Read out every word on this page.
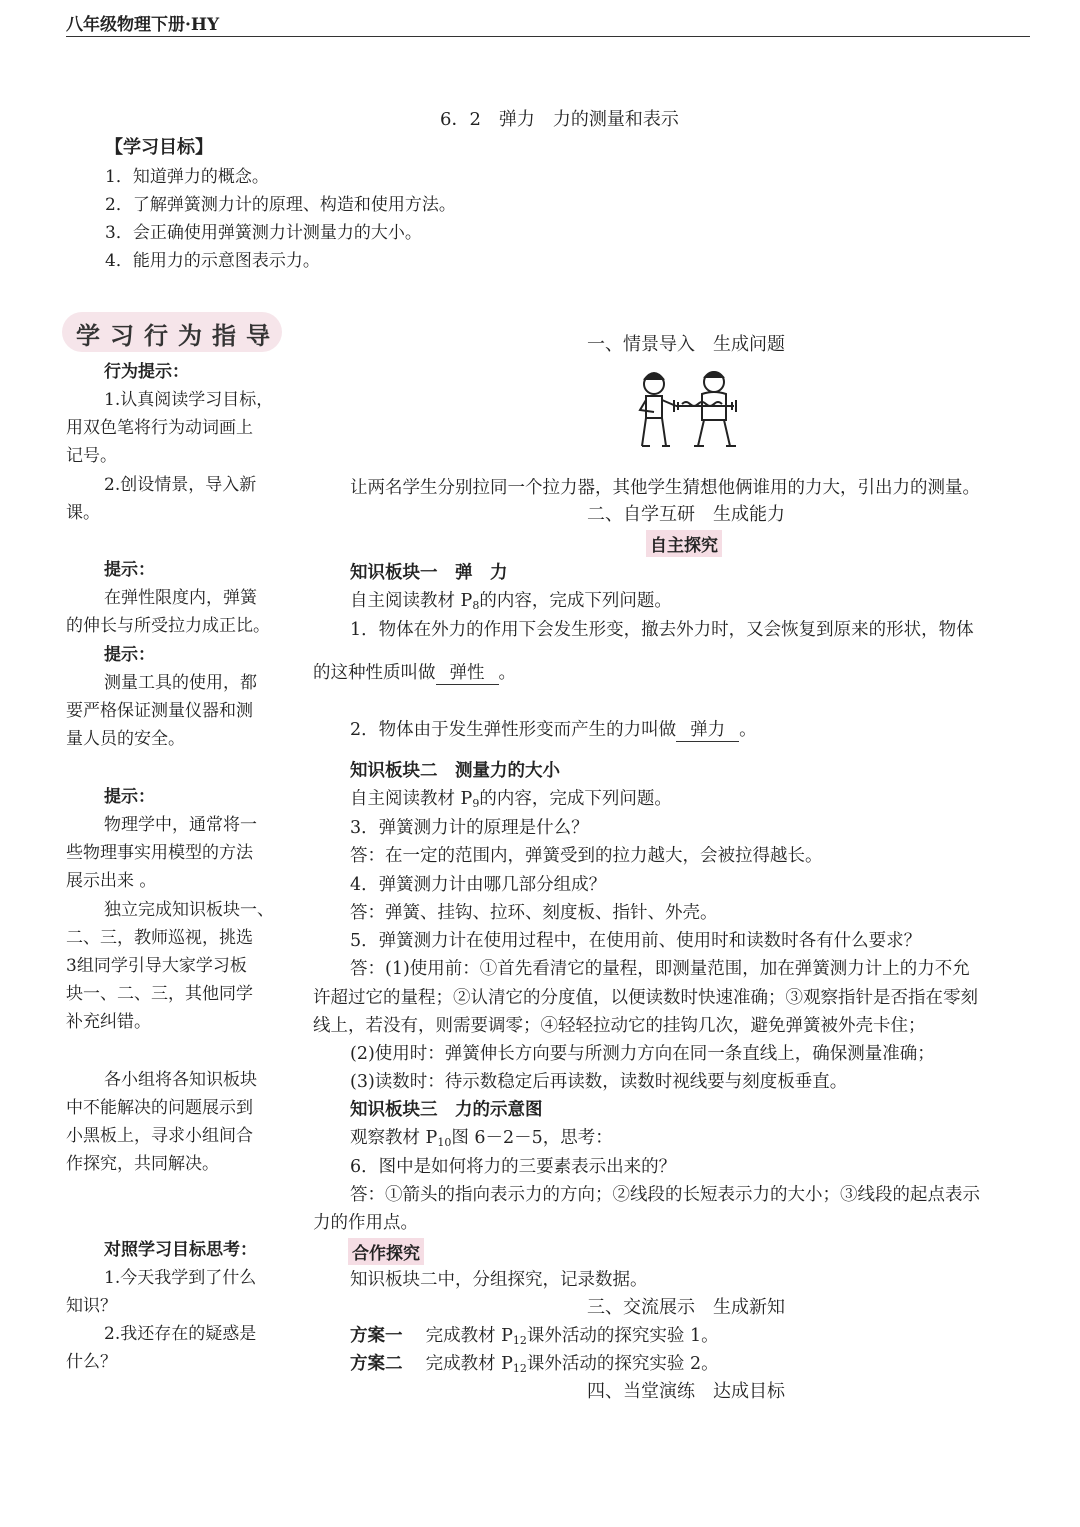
八年级物理下册·HY
6．2　弹力　力的测量和表示
【学习目标】
1．知道弹力的概念。
2．了解弹簧测力计的原理、构造和使用方法。
3．会正确使用弹簧测力计测量力的大小。
4．能用力的示意图表示力。
学 习 行 为 指 导
行为提示：
1.认真阅读学习目标，
用双色笔将行为动词画上
记号。
2.创设情景，导入新
课。
提示：
在弹性限度内，弹簧
的伸长与所受拉力成正比。
提示：
测量工具的使用，都
要严格保证测量仪器和测
量人员的安全。
提示：
物理学中，通常将一
些物理事实用模型的方法
展示出来 。
独立完成知识板块一、
二、三，教师巡视，挑选
3组同学引导大家学习板
块一、二、三，其他同学
补充纠错。
各小组将各知识板块
中不能解决的问题展示到
小黑板上，寻求小组间合
作探究，共同解决。
对照学习目标思考：
1.今天我学到了什么
知识？
2.我还存在的疑惑是
什么？
一、情景导入　生成问题
让两名学生分别拉同一个拉力器，其他学生猜想他俩谁用的力大，引出力的测量。
二、自学互研　生成能力
自主探究
知识板块一　弹　力
自主阅读教材 $P_8$的内容，完成下列问题。
1．物体在外力的作用下会发生形变，撤去外力时，又会恢复到原来的形状，物体
的这种性质叫做 弹性 。
2．物体由于发生弹性形变而产生的力叫做 弹力 。
知识板块二　测量力的大小
自主阅读教材 $P_9$的内容，完成下列问题。
3．弹簧测力计的原理是什么？
答：在一定的范围内，弹簧受到的拉力越大，会被拉得越长。
4．弹簧测力计由哪几部分组成？
答：弹簧、挂钩、拉环、刻度板、指针、外壳。
5．弹簧测力计在使用过程中，在使用前、使用时和读数时各有什么要求？
答：(1)使用前：①首先看清它的量程，即测量范围，加在弹簧测力计上的力不允
许超过它的量程；②认清它的分度值，以便读数时快速准确；③观察指针是否指在零刻
线上，若没有，则需要调零；④轻轻拉动它的挂钩几次，避免弹簧被外壳卡住；
(2)使用时：弹簧伸长方向要与所测力方向在同一条直线上，确保测量准确；
(3)读数时：待示数稳定后再读数，读数时视线要与刻度板垂直。
知识板块三　力的示意图
观察教材 $P_{10}$图 6－2－5，思考：
6．图中是如何将力的三要素表示出来的？
答：①箭头的指向表示力的方向；②线段的长短表示力的大小；③线段的起点表示
力的作用点。
合作探究
知识板块二中，分组探究，记录数据。
三、交流展示　生成新知
方案一　 完成教材 $P_{12}$课外活动的探究实验 1。
方案二　 完成教材 $P_{12}$课外活动的探究实验 2。
四、当堂演练　达成目标
